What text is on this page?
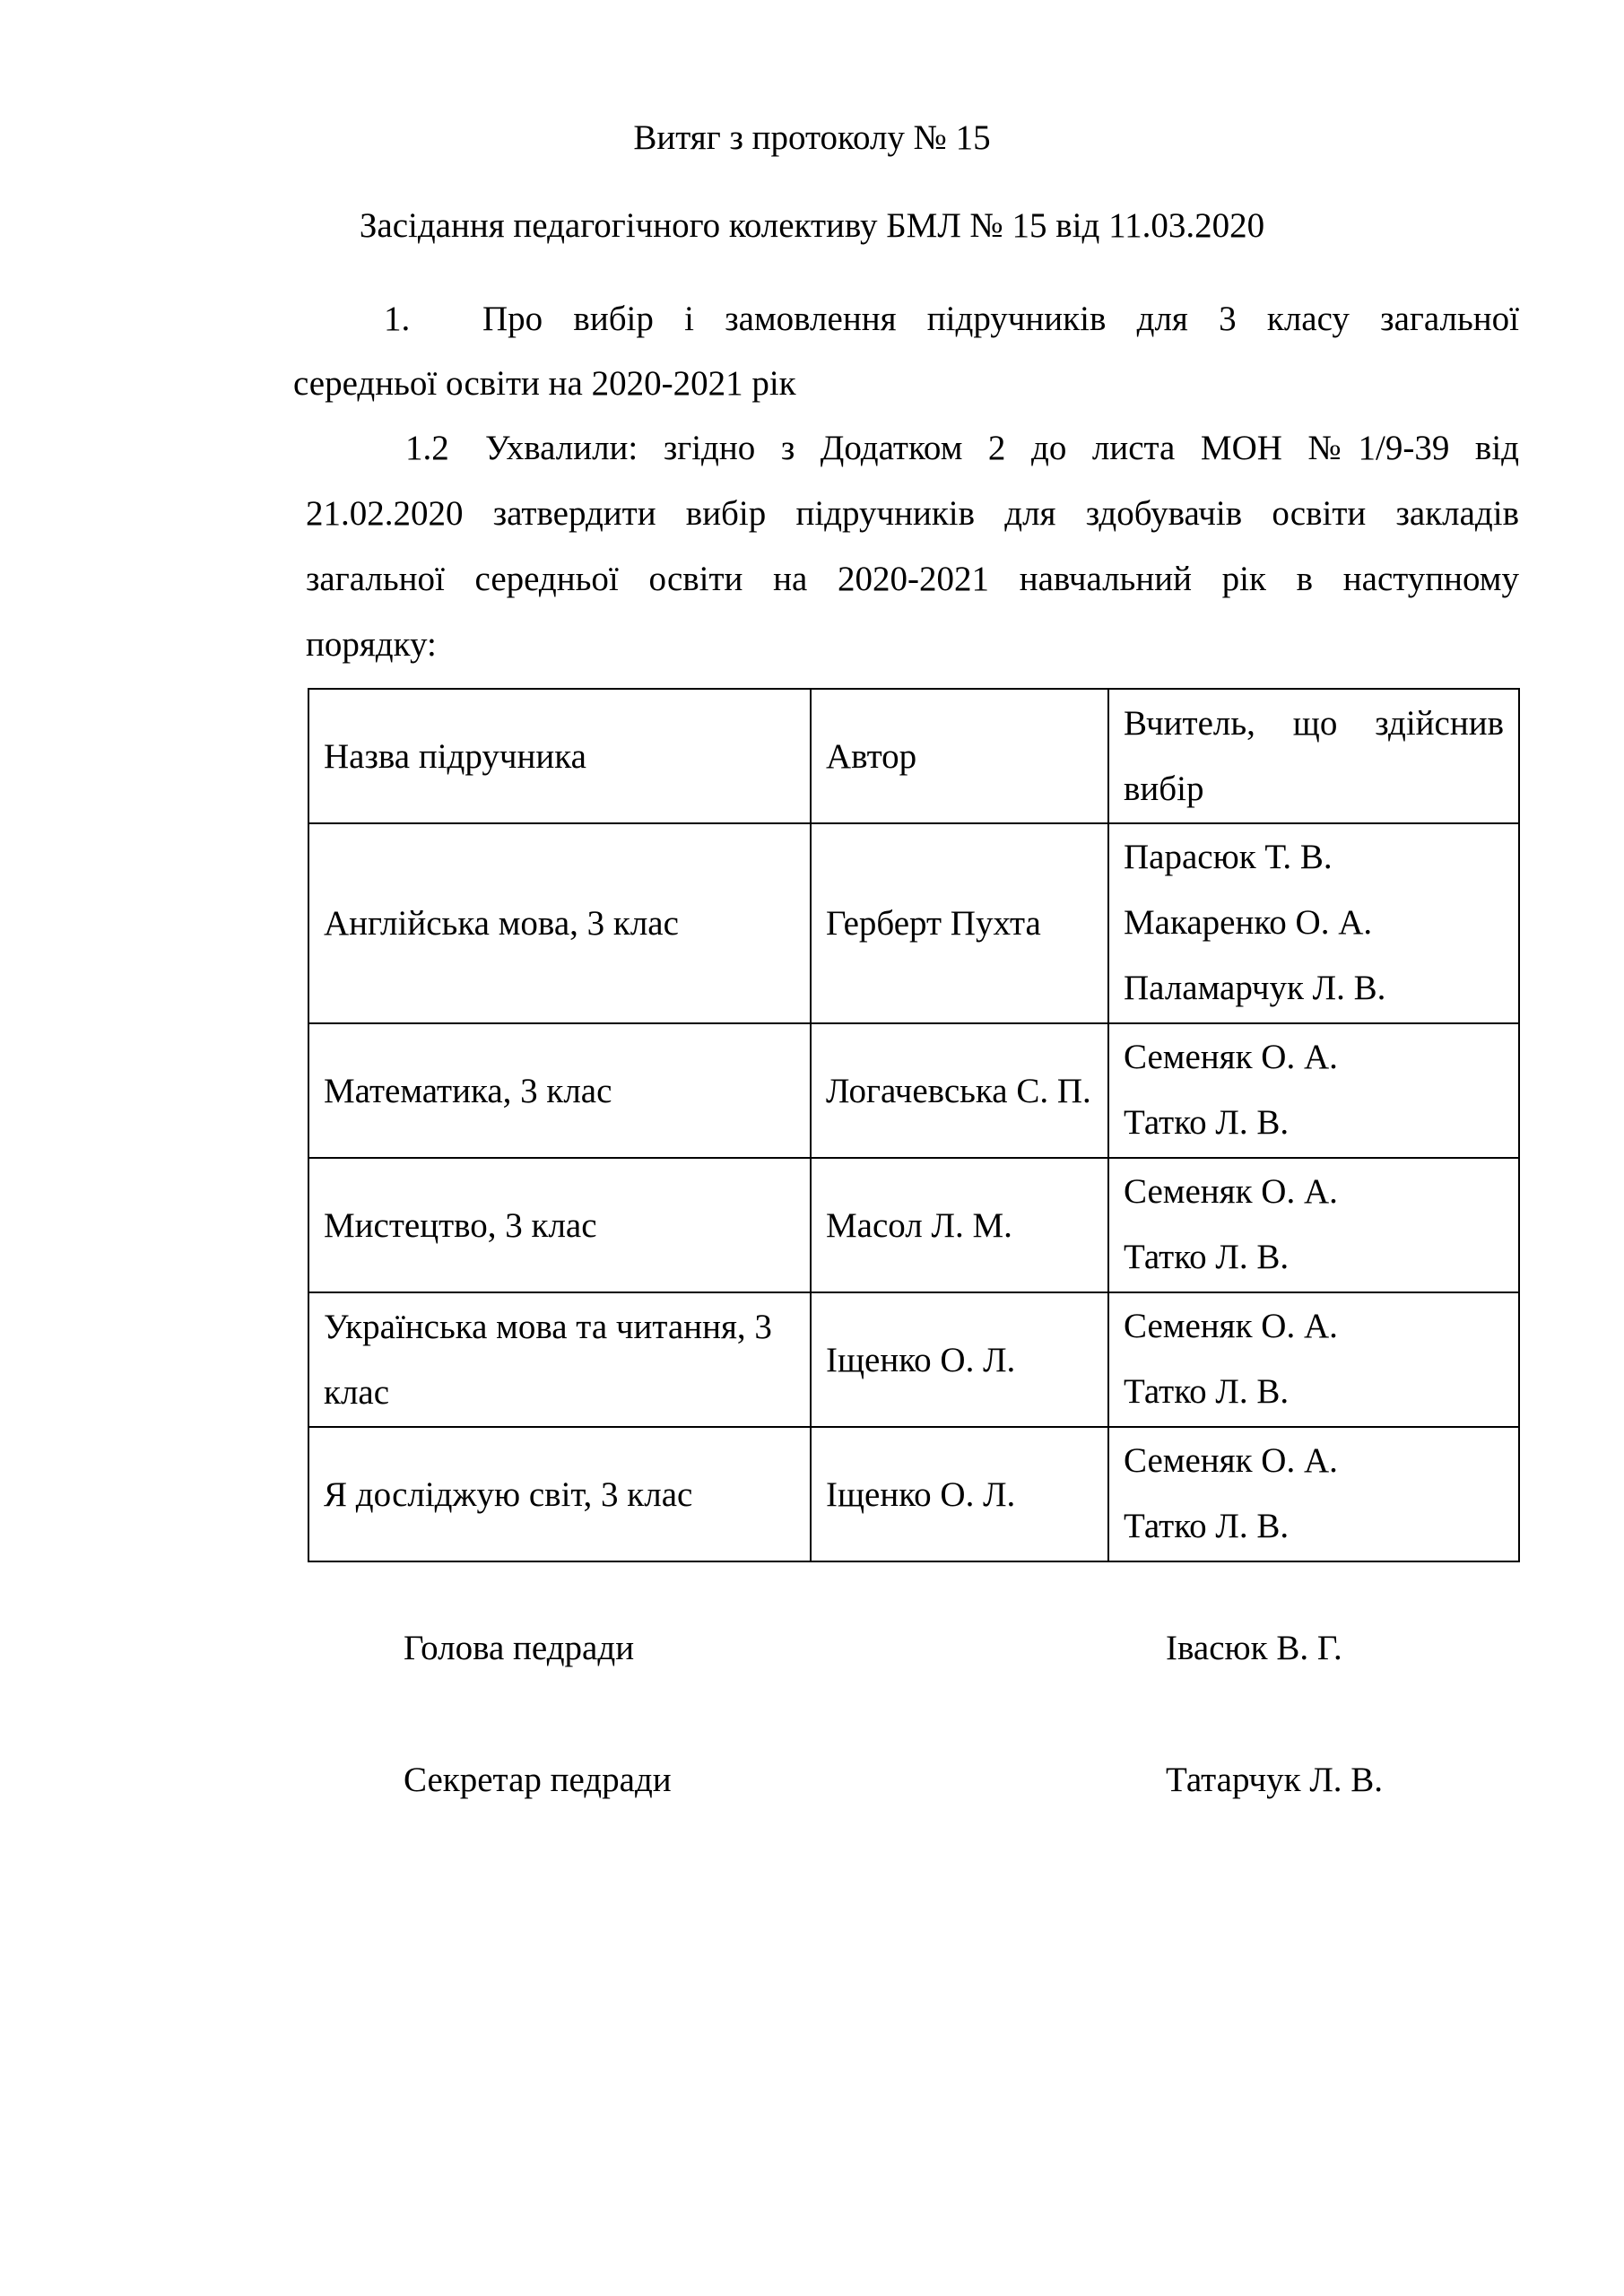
Витяг з протоколу № 15
Засідання педагогічного колективу БМЛ № 15 від 11.03.2020
1. Про вибір і замовлення підручників для 3 класу загальної
середньої освіти на 2020-2021 рік
1.2 Ухвалили: згідно з Додатком 2 до листа МОН №1/9-39 від
21.02.2020 затвердити вибір підручників для здобувачів освіти закладів
загальної середньої освіти на 2020-2021 навчальний рік в наступному
порядку:
Назва підручника	Автор	Вчитель, що здійснив вибір
Англійська мова, 3 клас	Герберт Пухта	Парасюк Т. В.
Макаренко О. А.
Паламарчук Л. В.

Математика, 3 клас	Логачевська С. П.	Семеняк О. А.
Татко Л. В.

Мистецтво, 3 клас	Масол Л. М.	Семеняк О. А.
Татко Л. В.

Українська мова та читання, 3 клас	Іщенко О. Л.	Семеняк О. А.
Татко Л. В.

Я досліджую світ, 3 клас	Іщенко О. Л.	Семеняк О. А.
Татко Л. В.
Голова педради	Івасюк В. Г.
Секретар педради	Татарчук Л. В.
